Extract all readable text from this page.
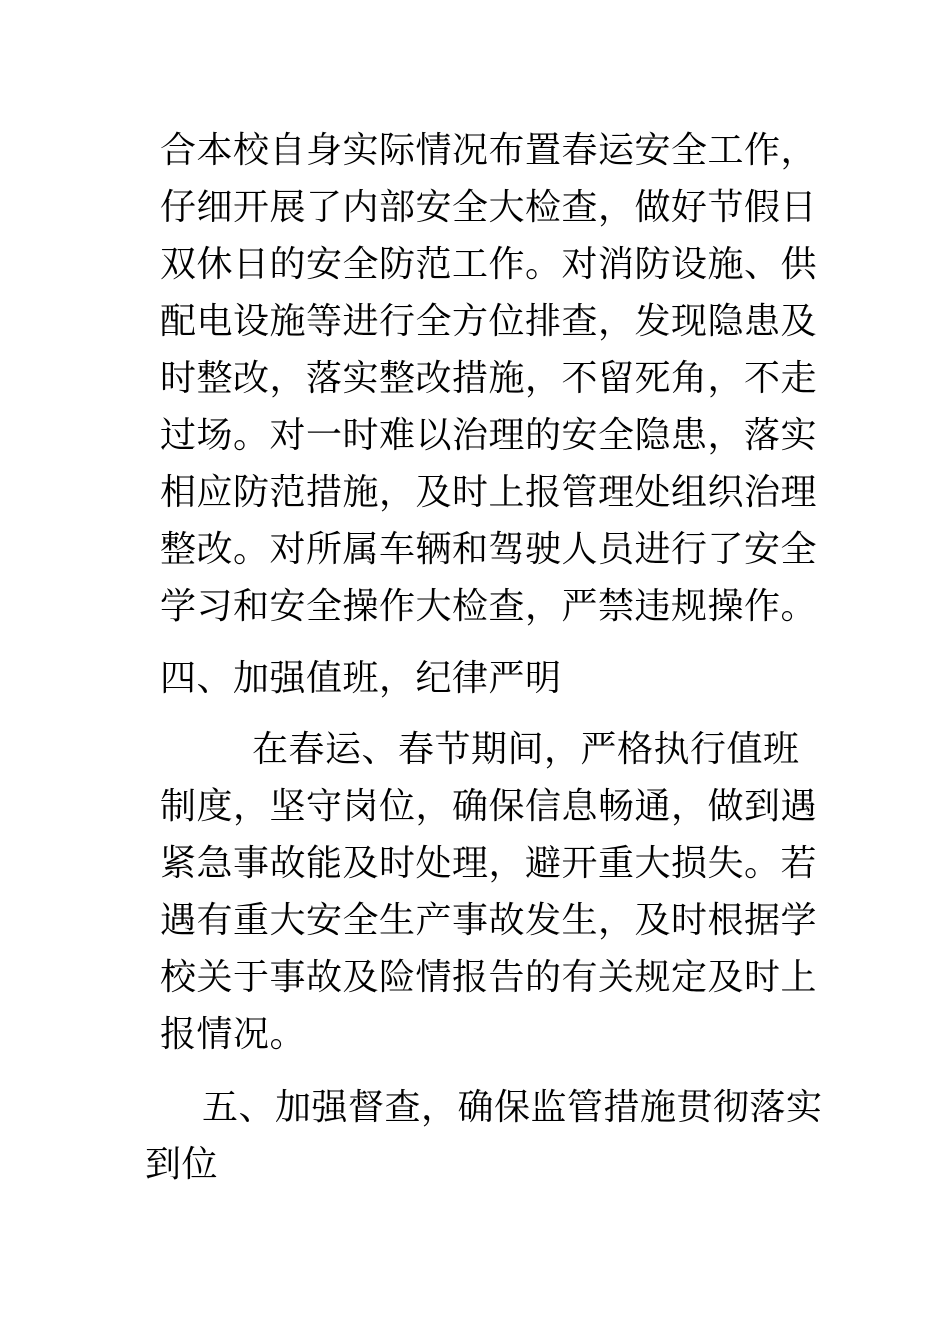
合本校自身实际情况布置春运安全工作，
仔细开展了内部安全大检查，做好节假日
双休日的安全防范工作。对消防设施、供
配电设施等进行全方位排查，发现隐患及
时整改，落实整改措施，不留死角，不走
过场。对一时难以治理的安全隐患，落实
相应防范措施，及时上报管理处组织治理
整改。对所属车辆和驾驶人员进行了安全
学习和安全操作大检查，严禁违规操作。
四、加强值班，纪律严明
在春运、春节期间，严格执行值班
制度，坚守岗位，确保信息畅通，做到遇
紧急事故能及时处理，避开重大损失。若
遇有重大安全生产事故发生，及时根据学
校关于事故及险情报告的有关规定及时上
报情况。
五、加强督查，确保监管措施贯彻落实
到位
